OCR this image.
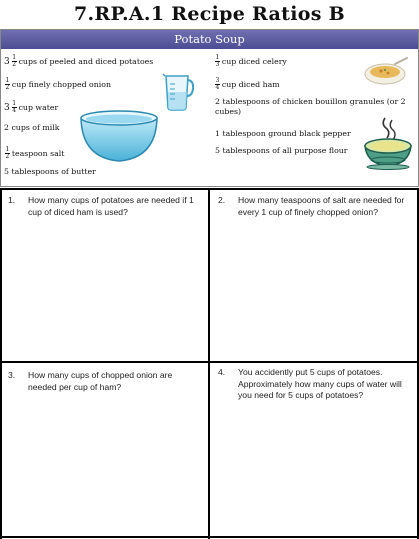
7.RP.A.1 Recipe Ratios B
Potato Soup
$3 \frac{1}{2}$ cups of peeled and diced potatoes
$\frac{1}{2}$ cup finely chopped onion
$3 \frac{1}{4}$ cup water
2 cups of milk
$\frac{1}{2}$ teaspoon salt
5 tablespoons of butter
$\frac{1}{3}$ cup diced celery
$\frac{3}{4}$ cup diced ham
2 tablespoons of chicken bouillon granules (or 2 cubes)
1 tablespoon ground black pepper
5 tablespoons of all purpose flour
1. How many cups of potatoes are needed if 1 cup of diced ham is used?
2. How many teaspoons of salt are needed for every 1 cup of finely chopped onion?
3. How many cups of chopped onion are needed per cup of ham?
4. You accidently put 5 cups of potatoes. Approximately how many cups of water will you need for 5 cups of potatoes?
